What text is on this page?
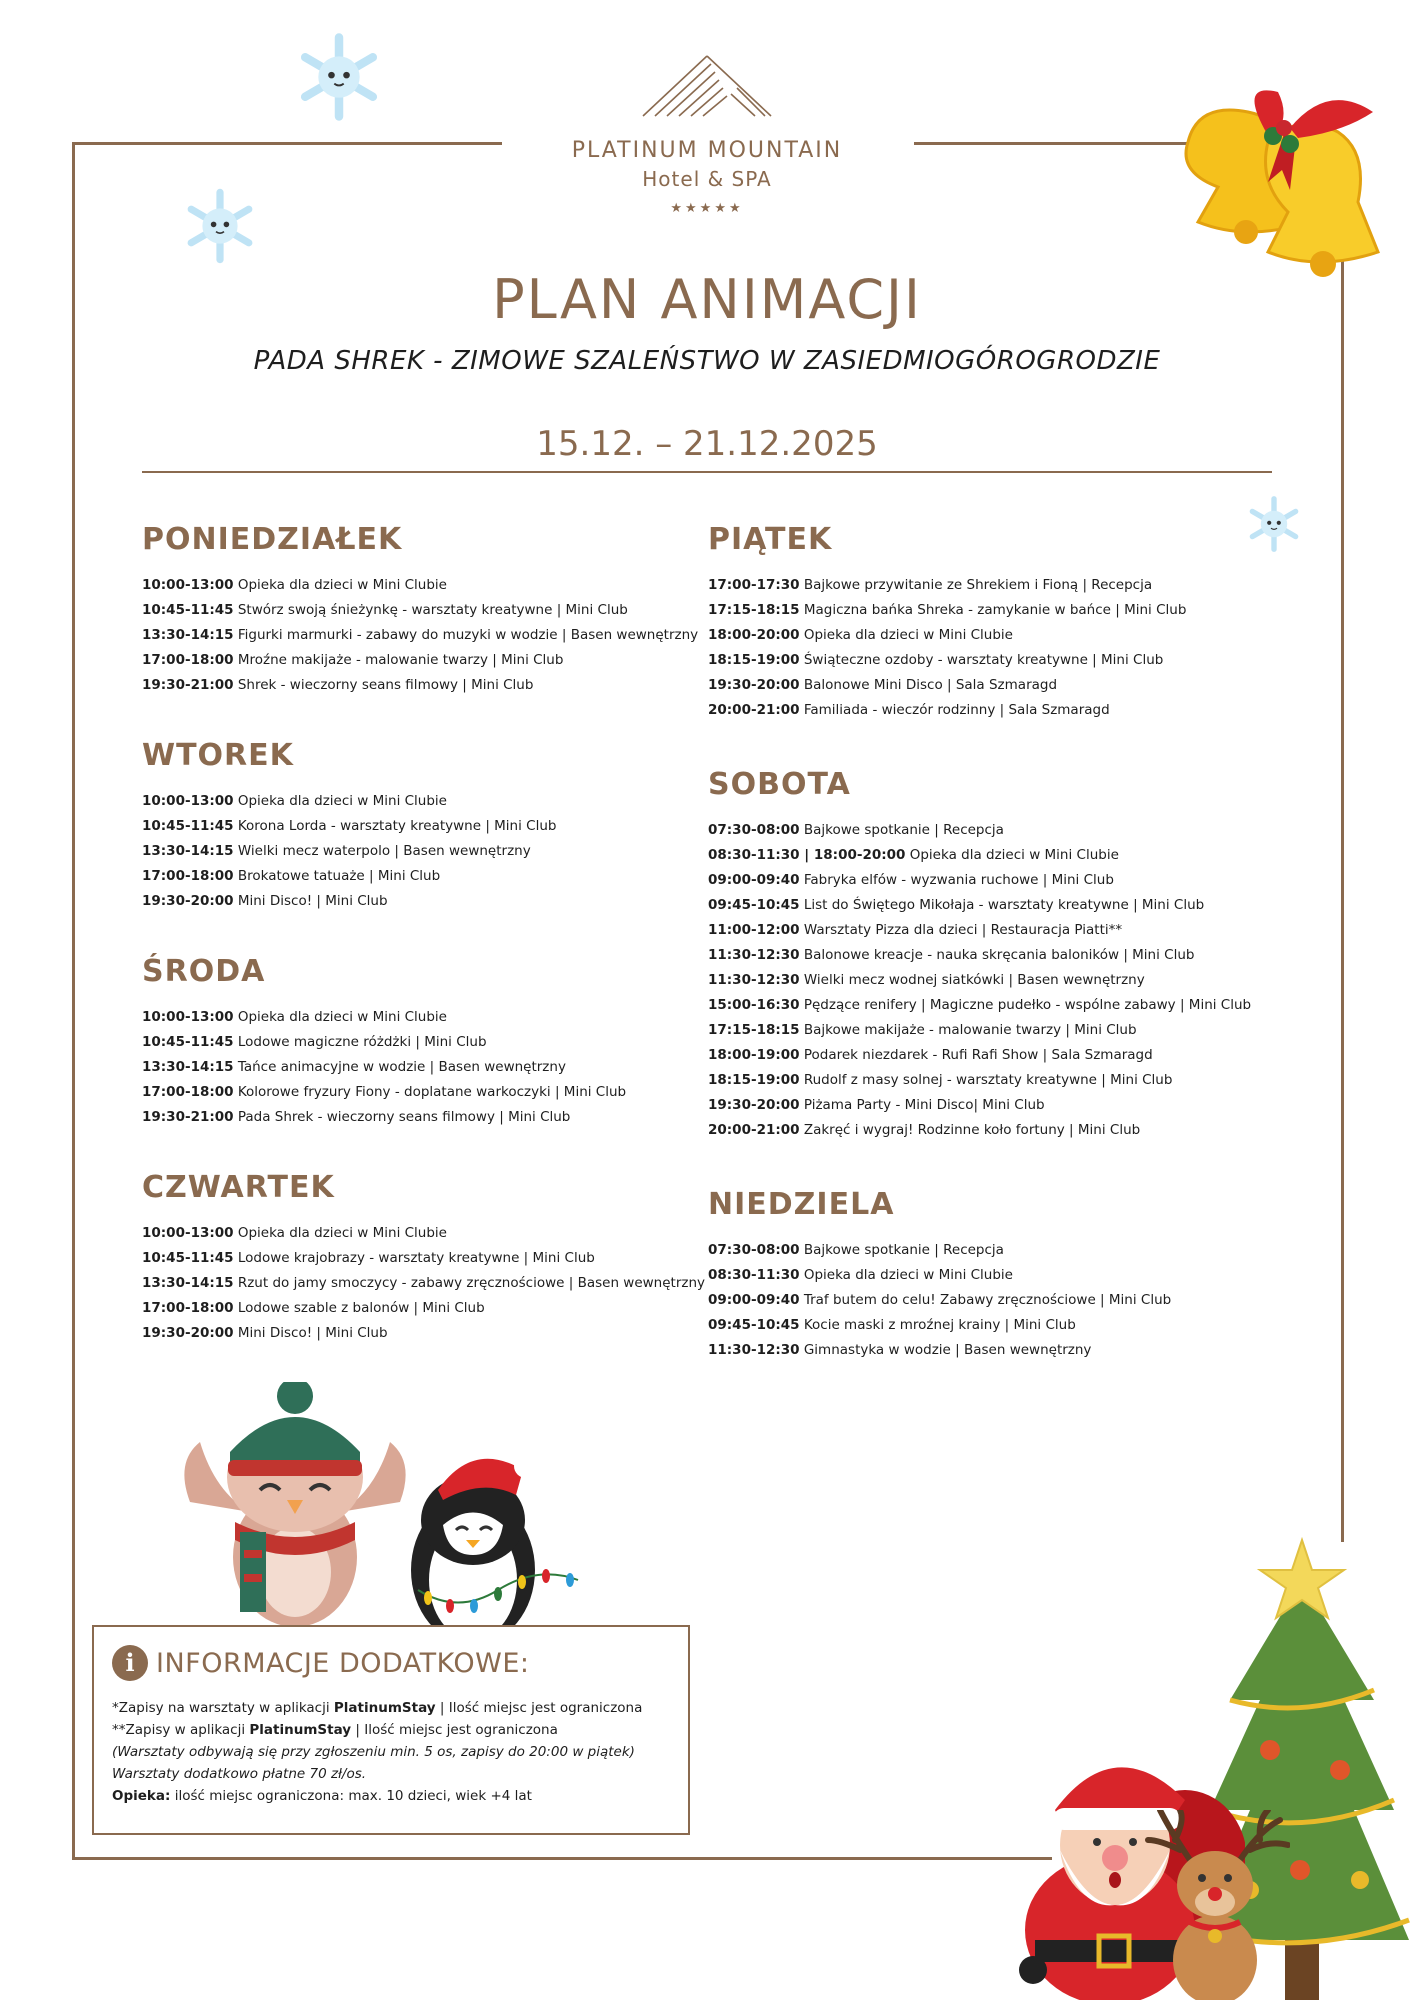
PLATINUM MOUNTAIN
Hotel & SPA
★★★★★
PLAN ANIMACJI
PADA SHREK - ZIMOWE SZALEŃSTWO W ZASIEDMIOGÓROGRODZIE
15.12. – 21.12.2025
PONIEDZIAŁEK
10:00-13:00 Opieka dla dzieci w Mini Clubie
10:45-11:45 Stwórz swoją śnieżynkę - warsztaty kreatywne | Mini Club
13:30-14:15 Figurki marmurki - zabawy do muzyki w wodzie | Basen wewnętrzny
17:00-18:00 Mroźne makijaże - malowanie twarzy | Mini Club
19:30-21:00 Shrek - wieczorny seans filmowy | Mini Club
WTOREK
10:00-13:00 Opieka dla dzieci w Mini Clubie
10:45-11:45 Korona Lorda - warsztaty kreatywne | Mini Club
13:30-14:15 Wielki mecz waterpolo | Basen wewnętrzny
17:00-18:00 Brokatowe tatuaże | Mini Club
19:30-20:00 Mini Disco! | Mini Club
ŚRODA
10:00-13:00 Opieka dla dzieci w Mini Clubie
10:45-11:45 Lodowe magiczne różdżki | Mini Club
13:30-14:15 Tańce animacyjne w wodzie | Basen wewnętrzny
17:00-18:00 Kolorowe fryzury Fiony - doplatane warkoczyki | Mini Club
19:30-21:00 Pada Shrek - wieczorny seans filmowy | Mini Club
CZWARTEK
10:00-13:00 Opieka dla dzieci w Mini Clubie
10:45-11:45 Lodowe krajobrazy - warsztaty kreatywne | Mini Club
13:30-14:15 Rzut do jamy smoczycy - zabawy zręcznościowe | Basen wewnętrzny
17:00-18:00 Lodowe szable z balonów | Mini Club
19:30-20:00 Mini Disco! | Mini Club
PIĄTEK
17:00-17:30 Bajkowe przywitanie ze Shrekiem i Fioną | Recepcja
17:15-18:15 Magiczna bańka Shreka - zamykanie w bańce | Mini Club
18:00-20:00 Opieka dla dzieci w Mini Clubie
18:15-19:00 Świąteczne ozdoby - warsztaty kreatywne | Mini Club
19:30-20:00 Balonowe Mini Disco | Sala Szmaragd
20:00-21:00 Familiada - wieczór rodzinny | Sala Szmaragd
SOBOTA
07:30-08:00 Bajkowe spotkanie | Recepcja
08:30-11:30 | 18:00-20:00 Opieka dla dzieci w Mini Clubie
09:00-09:40 Fabryka elfów - wyzwania ruchowe | Mini Club
09:45-10:45 List do Świętego Mikołaja - warsztaty kreatywne | Mini Club
11:00-12:00 Warsztaty Pizza dla dzieci | Restauracja Piatti**
11:30-12:30 Balonowe kreacje - nauka skręcania baloników | Mini Club
11:30-12:30 Wielki mecz wodnej siatkówki | Basen wewnętrzny
15:00-16:30 Pędzące renifery | Magiczne pudełko - wspólne zabawy | Mini Club
17:15-18:15 Bajkowe makijaże - malowanie twarzy | Mini Club
18:00-19:00 Podarek niezdarek - Rufi Rafi Show | Sala Szmaragd
18:15-19:00 Rudolf z masy solnej - warsztaty kreatywne | Mini Club
19:30-20:00 Piżama Party - Mini Disco| Mini Club
20:00-21:00 Zakręć i wygraj! Rodzinne koło fortuny | Mini Club
NIEDZIELA
07:30-08:00 Bajkowe spotkanie | Recepcja
08:30-11:30 Opieka dla dzieci w Mini Clubie
09:00-09:40 Traf butem do celu! Zabawy zręcznościowe | Mini Club
09:45-10:45 Kocie maski z mroźnej krainy | Mini Club
11:30-12:30 Gimnastyka w wodzie | Basen wewnętrzny
i INFORMACJE DODATKOWE:
*Zapisy na warsztaty w aplikacji PlatinumStay | Ilość miejsc jest ograniczona
**Zapisy w aplikacji PlatinumStay | Ilość miejsc jest ograniczona
(Warsztaty odbywają się przy zgłoszeniu min. 5 os, zapisy do 20:00 w piątek)
Warsztaty dodatkowo płatne 70 zł/os.
Opieka: ilość miejsc ograniczona: max. 10 dzieci, wiek +4 lat
